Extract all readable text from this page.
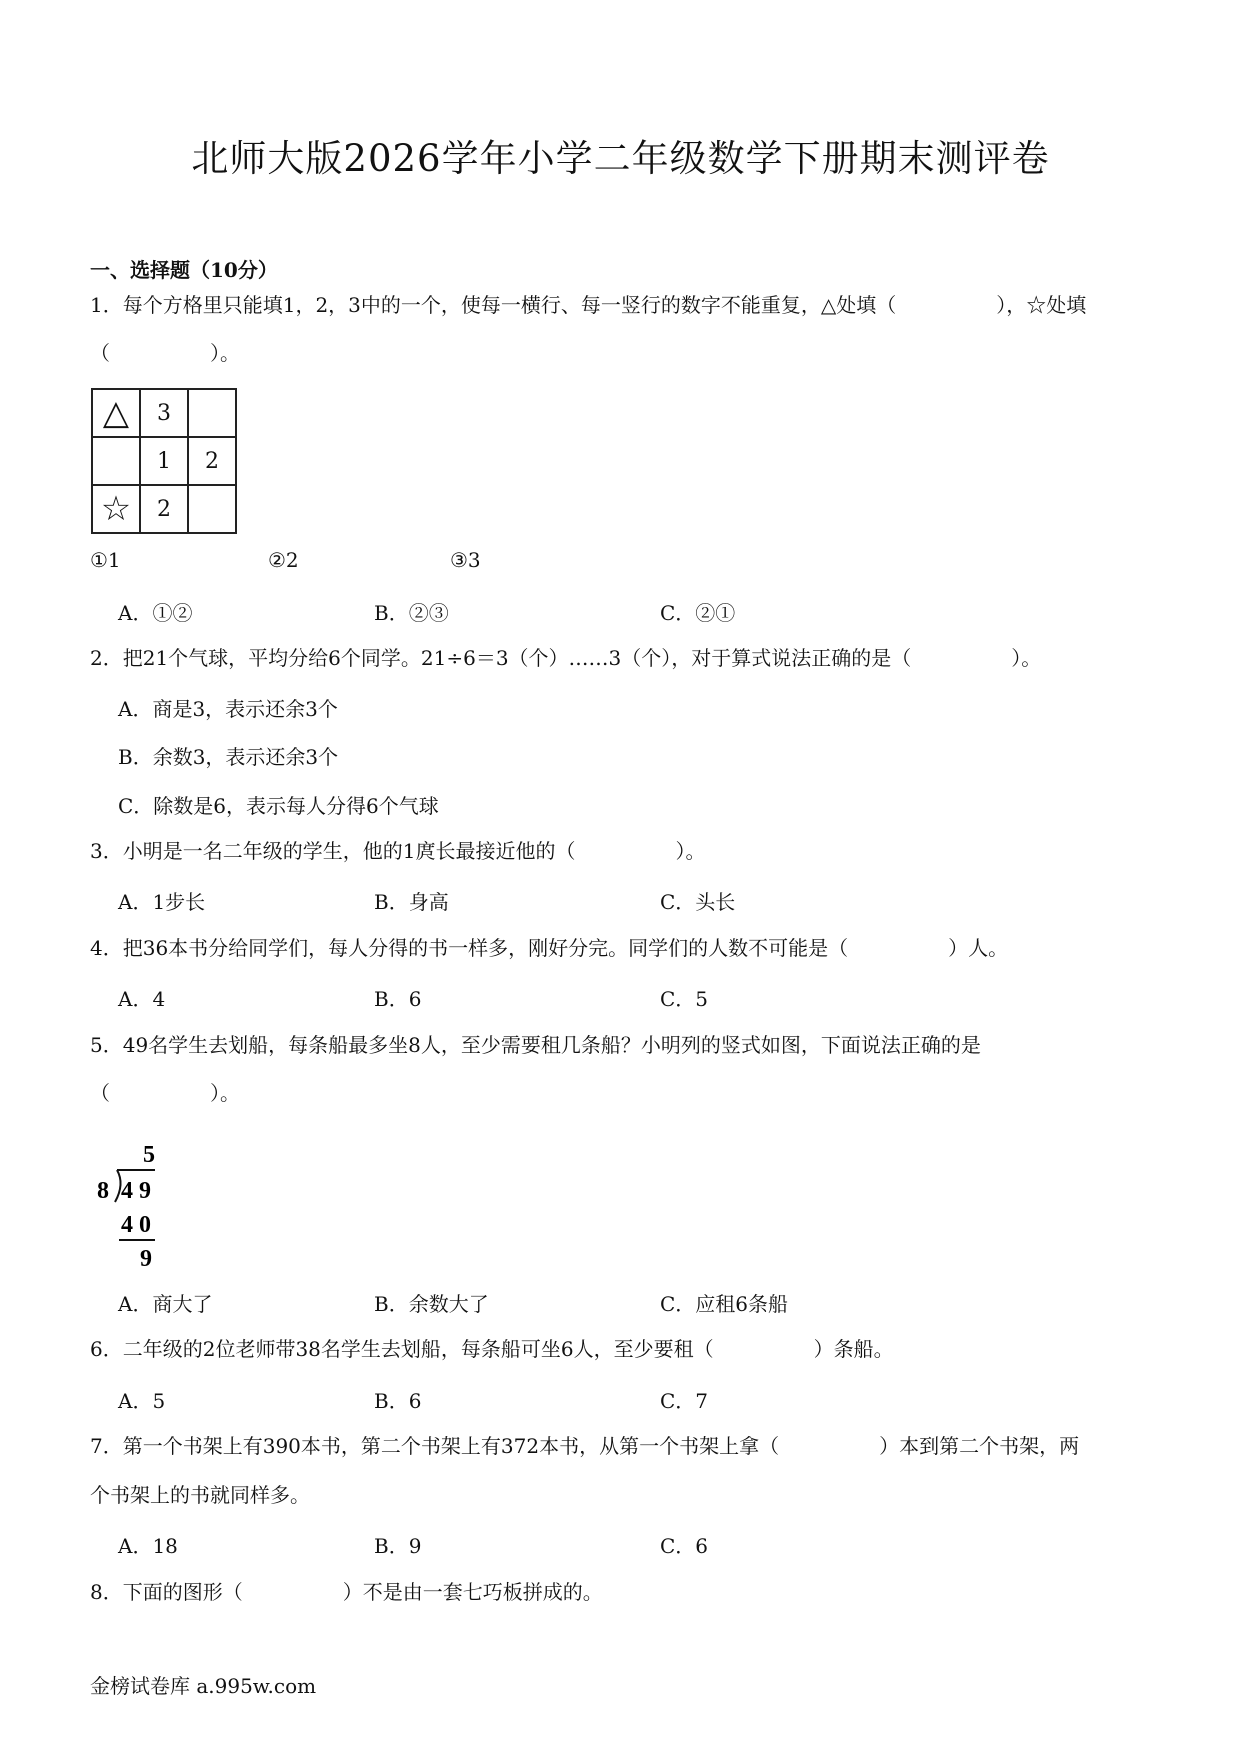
北师大版2026学年小学二年级数学下册期末测评卷
一、选择题（10分）
1．每个方格里只能填1，2，3中的一个，使每一横行、每一竖行的数字不能重复，△处填（　　　　　），☆处填
（　　　　　）。
△	3	
	1	2
☆	2	
①1	②2	③3
A．①②	B．②③	C．②①
2．把21个气球，平均分给6个同学。21÷6＝3（个）……3（个），对于算式说法正确的是（　　　　　）。
A．商是3，表示还余3个
B．余数3，表示还余3个
C．除数是6，表示每人分得6个气球
3．小明是一名二年级的学生，他的1庹长最接近他的（　　　　　）。
A．1步长	B．身高	C．头长
4．把36本书分给同学们，每人分得的书一样多，刚好分完。同学们的人数不可能是（　　　　　）人。
A．4	B．6	C．5
5．49名学生去划船，每条船最多坐8人，至少需要租几条船？小明列的竖式如图，下面说法正确的是
（　　　　　）。
5
8 4 9
4 0
9
A．商大了	B．余数大了	C．应租6条船
6．二年级的2位老师带38名学生去划船，每条船可坐6人，至少要租（　　　　　）条船。
A．5	B．6	C．7
7．第一个书架上有390本书，第二个书架上有372本书，从第一个书架上拿（　　　　　）本到第二个书架，两
个书架上的书就同样多。
A．18	B．9	C．6
8．下面的图形（　　　　　）不是由一套七巧板拼成的。
金榜试卷库 a.995w.com
